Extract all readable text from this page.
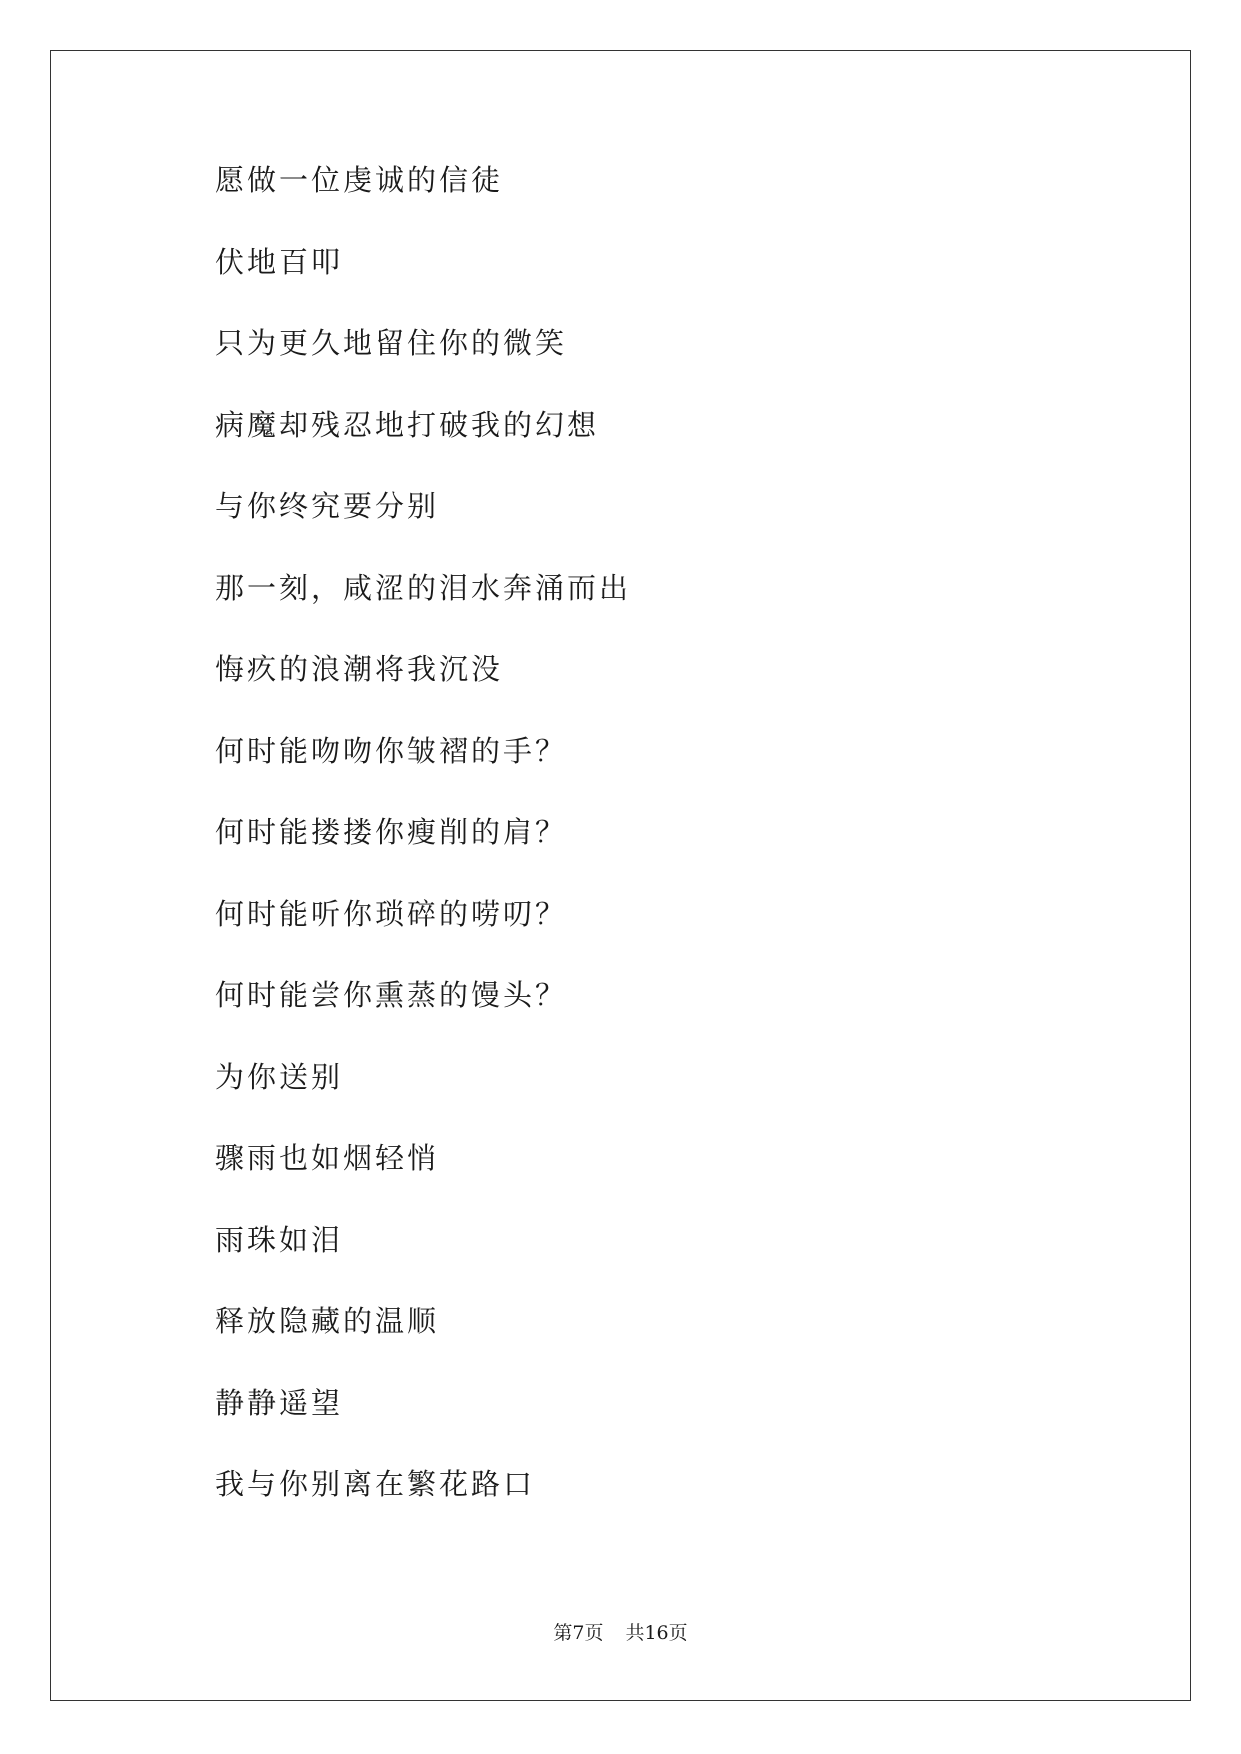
愿做一位虔诚的信徒
伏地百叩
只为更久地留住你的微笑
病魔却残忍地打破我的幻想
与你终究要分别
那一刻，咸涩的泪水奔涌而出
悔疚的浪潮将我沉没
何时能吻吻你皱褶的手？
何时能搂搂你瘦削的肩？
何时能听你琐碎的唠叨？
何时能尝你熏蒸的馒头？
为你送别
骤雨也如烟轻悄
雨珠如泪
释放隐藏的温顺
静静遥望
我与你别离在繁花路口
第7页 共16页
